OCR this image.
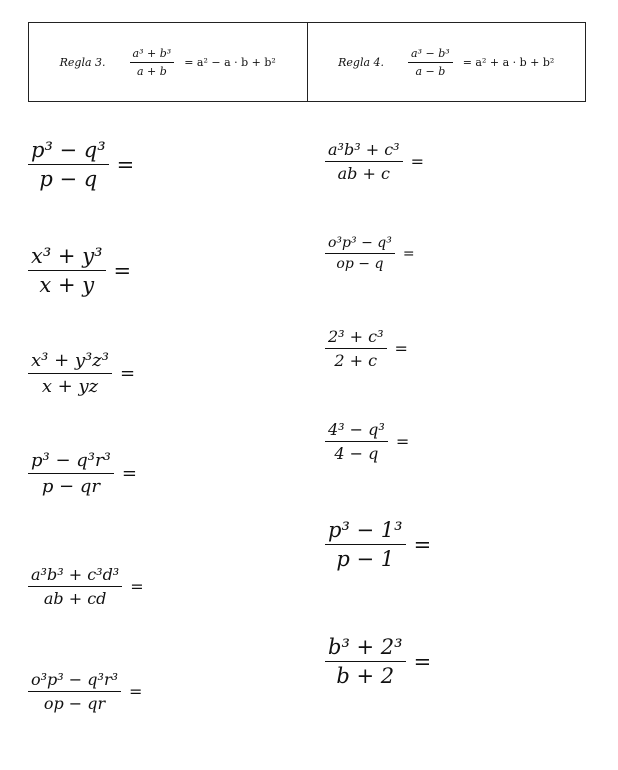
Regla 3. $\frac{\text{a³ + b³}}{a + b} = a^2 - a \cdot b + b^2$	Regla 4. $\frac{\text{a³ − b³}}{a - b} = a^2 + a \cdot b + b^2$
$\frac{\text{p³ − q³}}{p - q}$ =
$\frac{\text{x³ + y³}}{x + y}$ =
$\frac{\text{x³ + y³z³}}{x + yz}$ =
$\frac{\text{p³ − q³r³}}{p - qr}$ =
$\frac{\text{a³b³ + c³d³}}{ab + cd}$ =
$\frac{\text{o³p³ − q³r³}}{op - qr}$ =
$\frac{\text{a³b³ + c³}}{ab + c}$ =
$\frac{\text{o³p³ − q³}}{op - q}$ =
$\frac{\text{2³ + c³}}{2 + c}$ =
$\frac{\text{4³ − q³}}{4 - q}$ =
$\frac{\text{p³ − 1³}}{p - 1}$ =
$\frac{\text{b³ + 2³}}{b + 2}$ =
